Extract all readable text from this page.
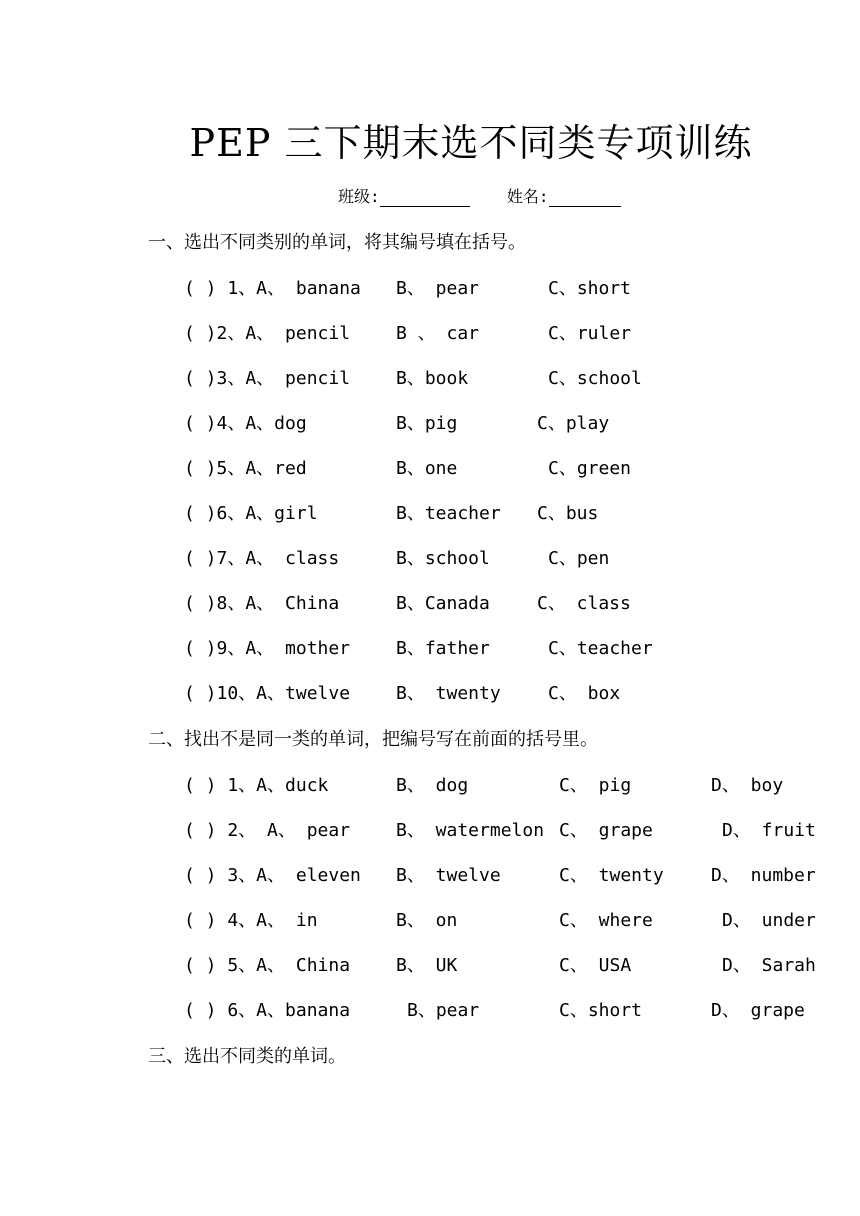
PEP 三下期末选不同类专项训练
班级:	姓名:
一、选出不同类别的单词，将其编号填在括号。
( ) 1、A、 banana B、 pear	C、short
( )2、A、 pencil	B 、 car	C、ruler
( )3、A、 pencil	B、book	C、school
( )4、A、dog	B、pig	C、play
( )5、A、red	B、one	C、green
( )6、A、girl	B、teacher C、bus
( )7、A、 class	B、school	C、pen
( )8、A、 China	B、Canada	C、 class
( )9、A、 mother	B、father	C、teacher
( )10、A、twelve	B、 twenty	C、 box
二、找出不是同一类的单词，把编号写在前面的括号里。
( ) 1、A、duck	B、 dog	C、 pig	D、 boy
( ) 2、 A、 pear	B、 watermelon C、 grape	D、 fruit
( ) 3、A、 eleven B、 twelve	C、 twenty	D、 number
( ) 4、A、 in	B、 on	C、 where	D、 under
( ) 5、A、 China	B、 UK	C、 USA	D、 Sarah
( ) 6、A、banana	B、pear	C、short	D、 grape
三、选出不同类的单词。
